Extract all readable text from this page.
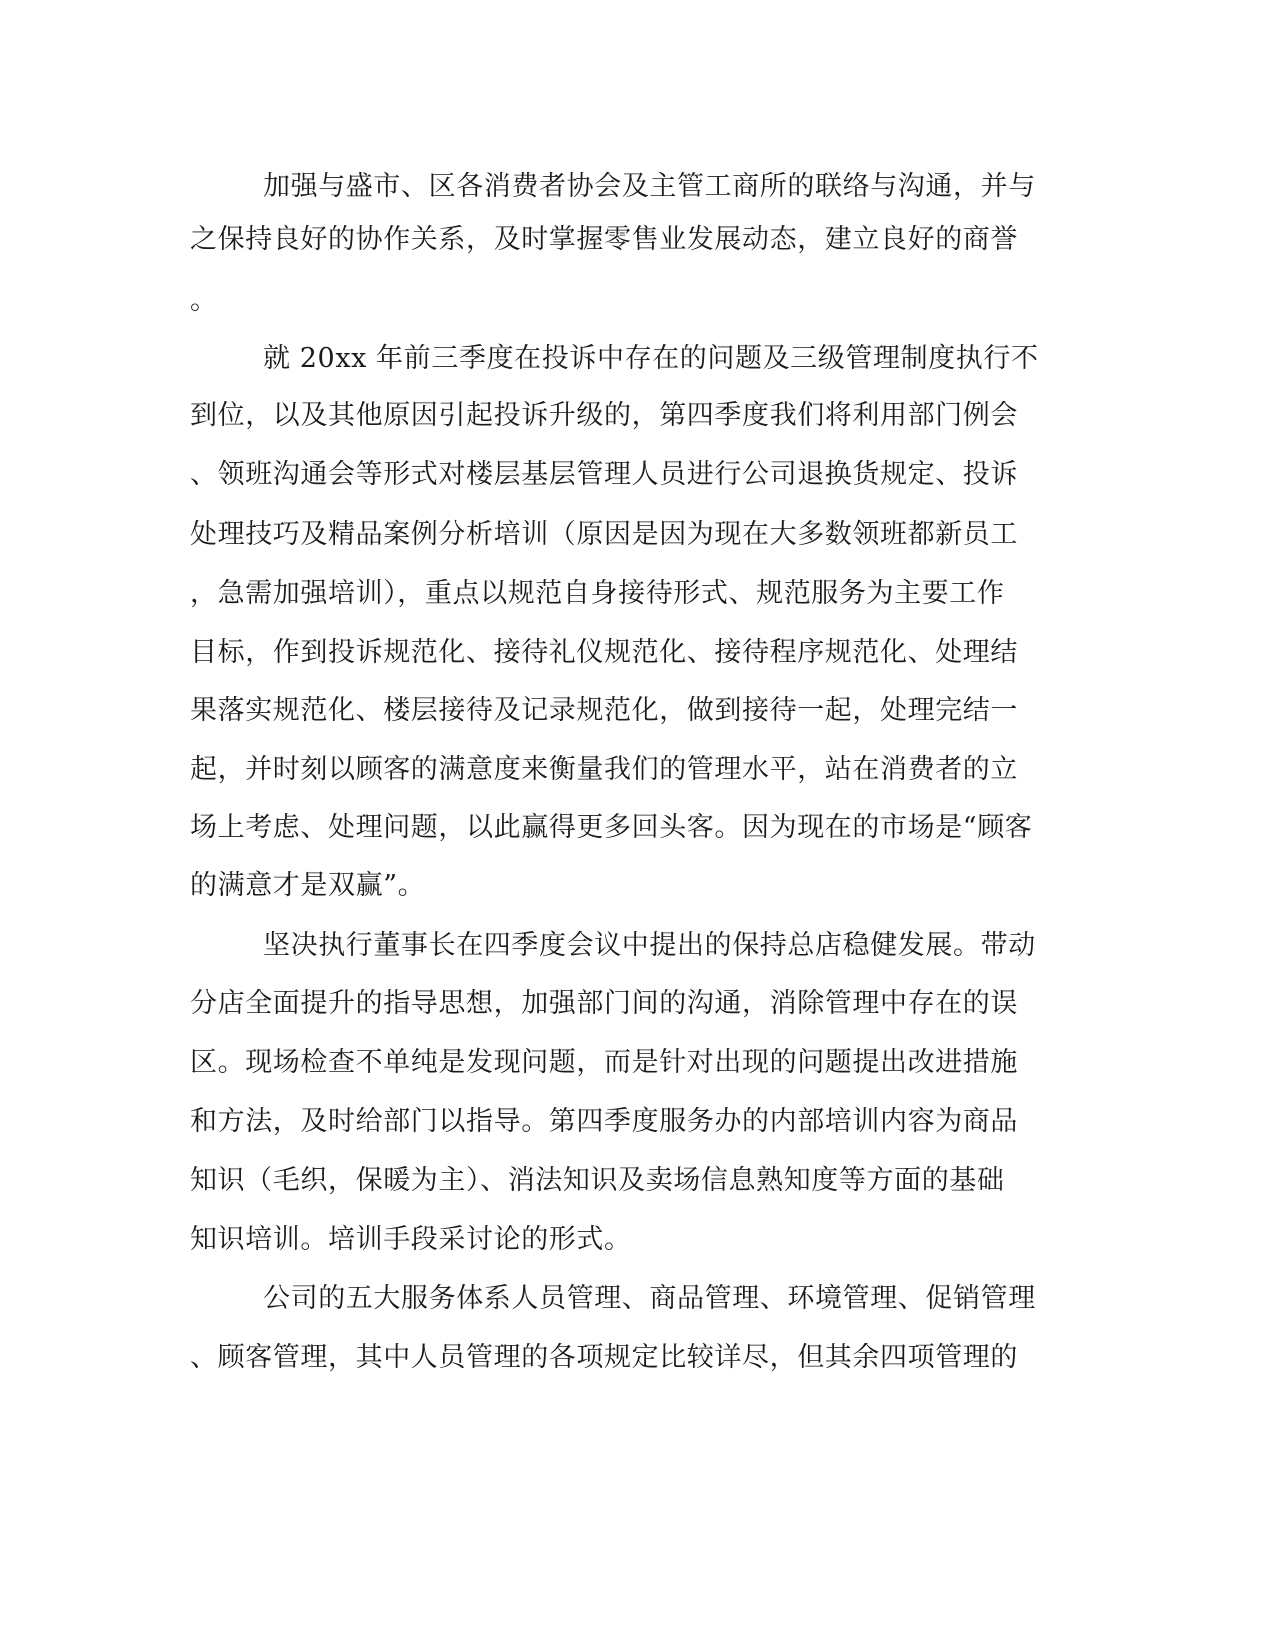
加强与盛市、区各消费者协会及主管工商所的联络与沟通，并与

之保持良好的协作关系，及时掌握零售业发展动态，建立良好的商誉

。

就 20xx 年前三季度在投诉中存在的问题及三级管理制度执行不

到位，以及其他原因引起投诉升级的，第四季度我们将利用部门例会

、领班沟通会等形式对楼层基层管理人员进行公司退换货规定、投诉

处理技巧及精品案例分析培训（原因是因为现在大多数领班都新员工

，急需加强培训），重点以规范自身接待形式、规范服务为主要工作

目标，作到投诉规范化、接待礼仪规范化、接待程序规范化、处理结

果落实规范化、楼层接待及记录规范化，做到接待一起，处理完结一

起，并时刻以顾客的满意度来衡量我们的管理水平，站在消费者的立

场上考虑、处理问题，以此赢得更多回头客。因为现在的市场是“顾客

的满意才是双赢”。

坚决执行董事长在四季度会议中提出的保持总店稳健发展。带动

分店全面提升的指导思想，加强部门间的沟通，消除管理中存在的误

区。现场检查不单纯是发现问题，而是针对出现的问题提出改进措施

和方法，及时给部门以指导。第四季度服务办的内部培训内容为商品

知识（毛织，保暖为主）、消法知识及卖场信息熟知度等方面的基础

知识培训。培训手段采讨论的形式。

公司的五大服务体系人员管理、商品管理、环境管理、促销管理

、顾客管理，其中人员管理的各项规定比较详尽，但其余四项管理的
